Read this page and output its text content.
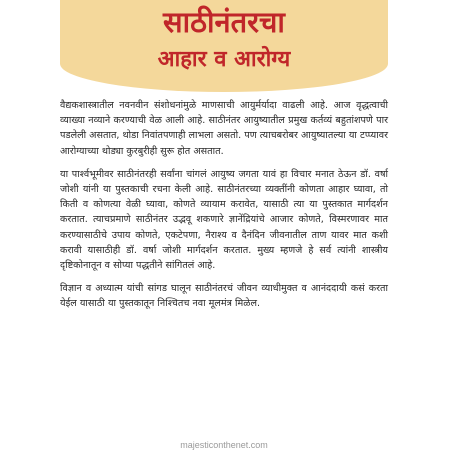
साठीनंतरचा
आहार व आरोग्य

वैद्यकशास्त्रातील नवनवीन संशोधनांमुळे माणसाची आयुर्मर्यादा वाढली आहे. आज वृद्धत्वाची व्याख्या नव्याने करण्याची वेळ आली आहे. साठीनंतर आयुष्यातील प्रमुख कर्तव्यं बहुतांशपणे पार पडलेली असतात, थोडा निवांतपणाही लाभला असतो. पण त्याचबरोबर आयुष्यातल्या या टप्प्यावर आरोग्याच्या थोड्या कुरबुरीही सुरू होत असतात.

या पार्श्वभूमीवर साठीनंतरही सर्वांना चांगलं आयुष्य जगता यावं हा विचार मनात ठेऊन डॉ. वर्षा जोशी यांनी या पुस्तकाची रचना केली आहे. साठीनंतरच्या व्यक्तींनी कोणता आहार घ्यावा, तो किती व कोणत्या वेळी घ्यावा, कोणते व्यायाम करावेत, यासाठी त्या या पुस्तकात मार्गदर्शन करतात. त्याचप्रमाणे साठीनंतर उद्भवू शकणारे ज्ञानेंद्रियांचे आजार कोणते, विस्मरणावर मात करण्यासाठीचे उपाय कोणते, एकटेपणा, नैराश्य व दैनंदिन जीवनातील ताण यावर मात कशी करावी यासाठीही डॉ. वर्षा जोशी मार्गदर्शन करतात. मुख्य म्हणजे हे सर्व त्यांनी शास्त्रीय दृष्टिकोनातून व सोप्या पद्धतीने सांगितलं आहे.

विज्ञान व अध्यात्म यांची सांगड घालून साठीनंतरचं जीवन व्याधीमुक्त व आनंददायी कसं करता येईल यासाठी या पुस्तकातून निश्चितच नवा मूलमंत्र मिळेल.

majesticonthenet.com
